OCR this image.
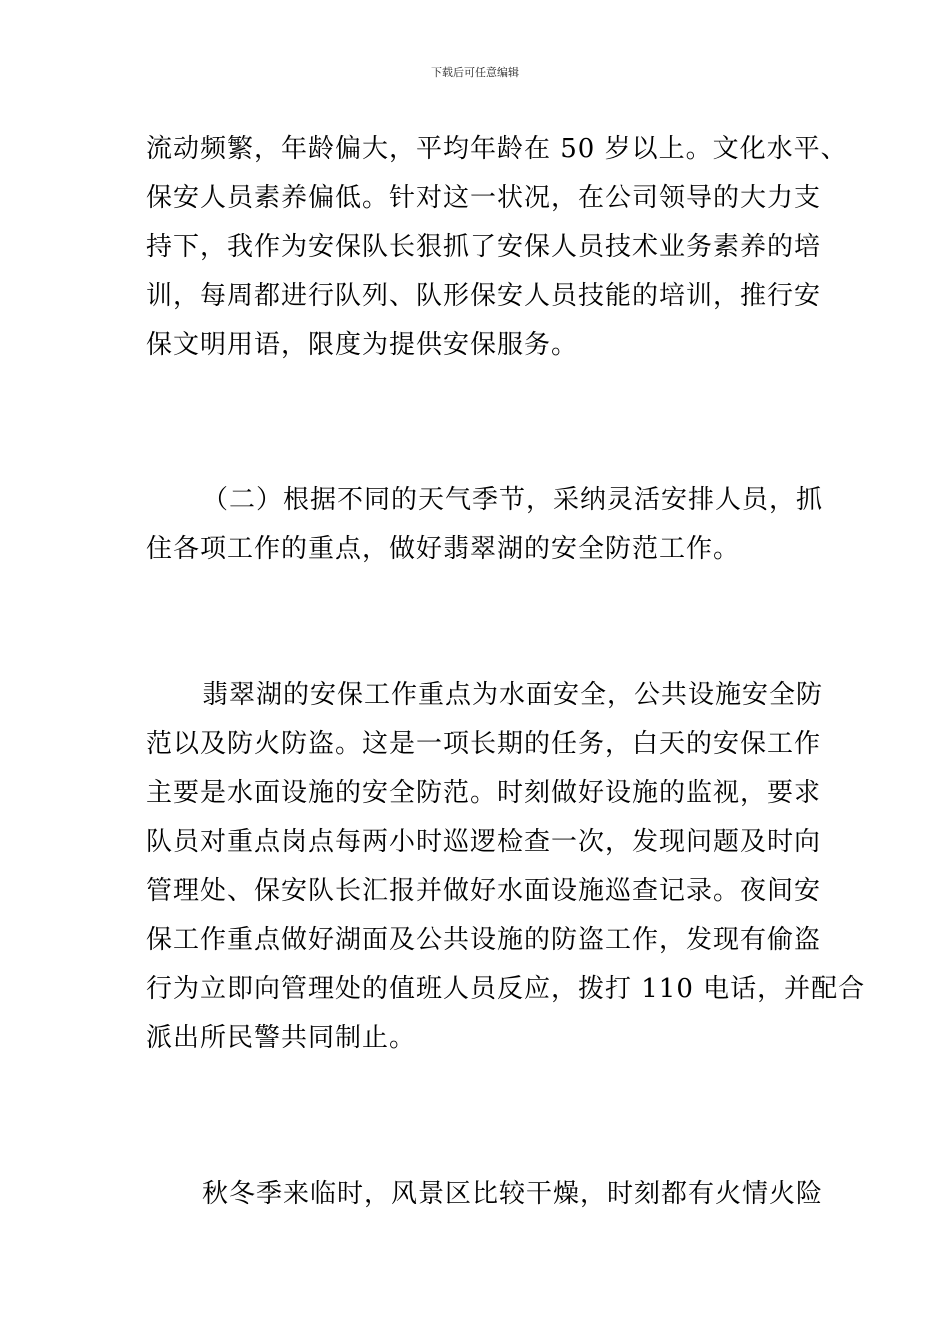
下载后可任意编辑
流动频繁，年龄偏大，平均年龄在 50 岁以上。文化水平、
保安人员素养偏低。针对这一状况，在公司领导的大力支
持下，我作为安保队长狠抓了安保人员技术业务素养的培
训，每周都进行队列、队形保安人员技能的培训，推行安
保文明用语，限度为提供安保服务。
（二）根据不同的天气季节，采纳灵活安排人员，抓
住各项工作的重点，做好翡翠湖的安全防范工作。
翡翠湖的安保工作重点为水面安全，公共设施安全防
范以及防火防盗。这是一项长期的任务，白天的安保工作
主要是水面设施的安全防范。时刻做好设施的监视，要求
队员对重点岗点每两小时巡逻检查一次，发现问题及时向
管理处、保安队长汇报并做好水面设施巡查记录。夜间安
保工作重点做好湖面及公共设施的防盗工作，发现有偷盗
行为立即向管理处的值班人员反应，拨打 110 电话，并配合
派出所民警共同制止。
秋冬季来临时，风景区比较干燥，时刻都有火情火险
